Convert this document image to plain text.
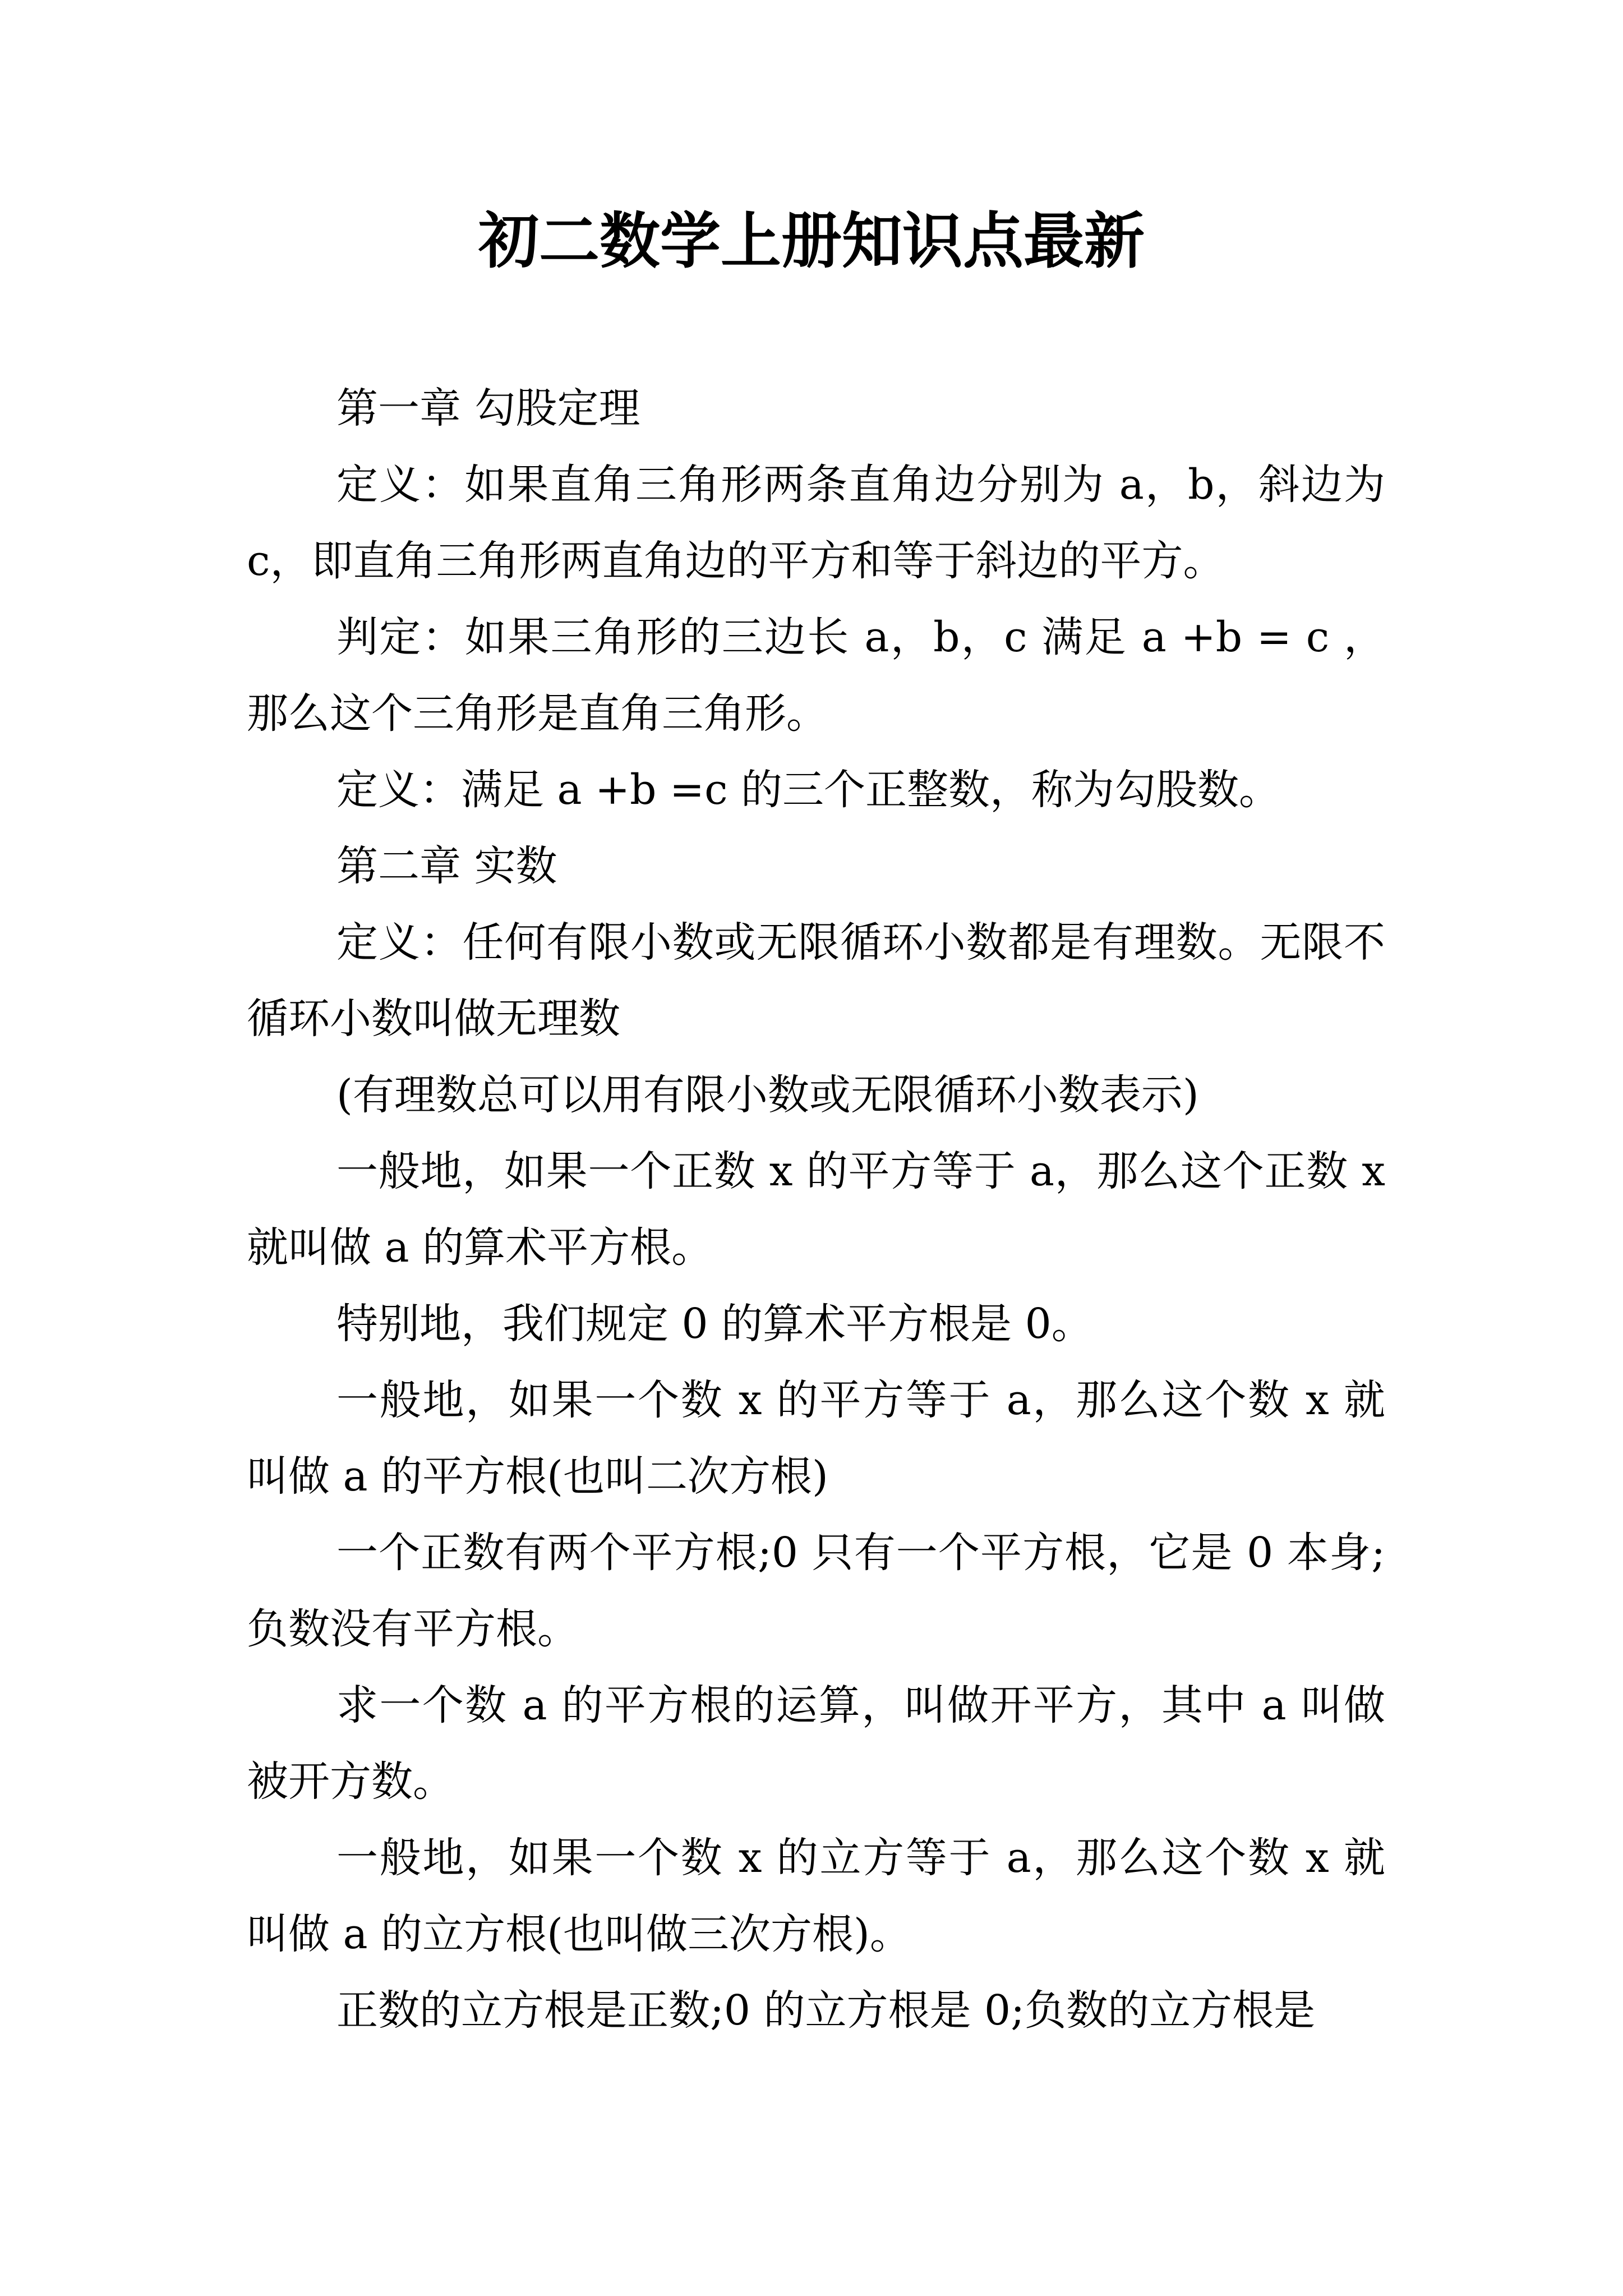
初二数学上册知识点最新

第一章 勾股定理

定义：如果直角三角形两条直角边分别为 a，b，斜边为 c，即直角三角形两直角边的平方和等于斜边的平方。

判定：如果三角形的三边长 a，b，c 满足 a +b = c ，那么这个三角形是直角三角形。

定义：满足 a +b =c 的三个正整数，称为勾股数。

第二章 实数

定义：任何有限小数或无限循环小数都是有理数。无限不循环小数叫做无理数

(有理数总可以用有限小数或无限循环小数表示)

一般地，如果一个正数 x 的平方等于 a，那么这个正数 x 就叫做 a 的算术平方根。

特别地，我们规定 0 的算术平方根是 0。

一般地，如果一个数 x 的平方等于 a，那么这个数 x 就叫做 a 的平方根(也叫二次方根)

一个正数有两个平方根;0 只有一个平方根，它是 0 本身;负数没有平方根。

求一个数 a 的平方根的运算，叫做开平方，其中 a 叫做被开方数。

一般地，如果一个数 x 的立方等于 a，那么这个数 x 就叫做 a 的立方根(也叫做三次方根)。

正数的立方根是正数;0 的立方根是 0;负数的立方根是
